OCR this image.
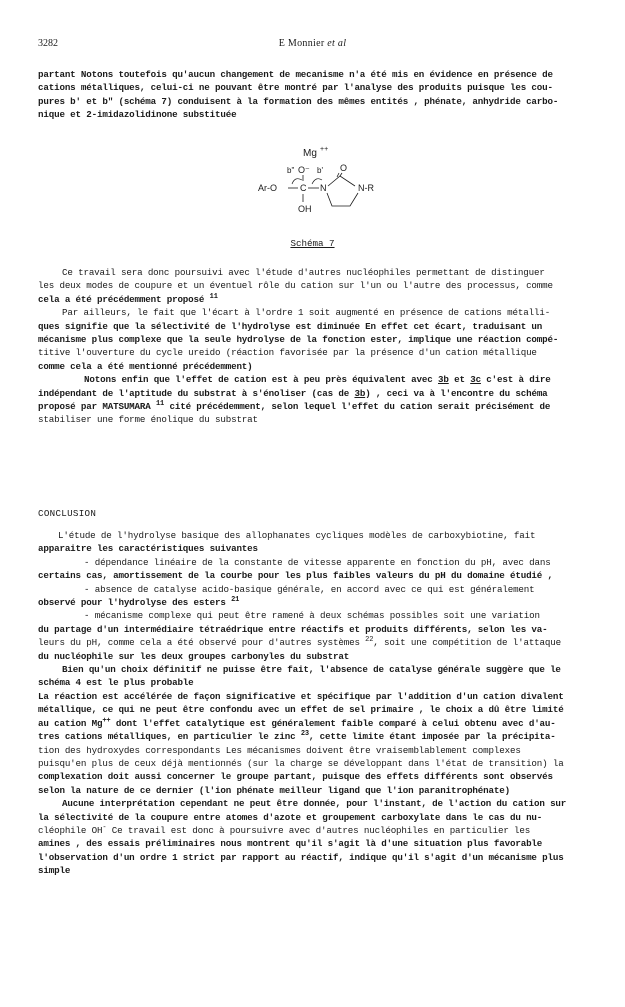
3282	E Monnier et al

partant Notons toutefois qu'aucun changement de mecanisme n'a été mis en évidence en présence de

cations métalliques, celui-ci ne pouvant être montré par l'analyse des produits puisque les cou-

pures b' et b" (schéma 7) conduisent à la formation des mêmes entités , phénate, anhydride carbo-

nique et 2-imidazolidinone substituée

Mg ++
b" O⁻ b' O
Ar-O	C N	N-R
OH
Schéma 7

Ce travail sera donc poursuivi avec l'étude d'autres nucléophiles permettant de distinguer

les deux modes de coupure et un éventuel rôle du cation sur l'un ou l'autre des processus, comme

cela a été précédemment proposé $^{11}$

Par ailleurs, le fait que l'écart à l'ordre 1 soit augmenté en présence de cations métalli-

ques signifie que la sélectivité de l'hydrolyse est diminuée En effet cet écart, traduisant un

mécanisme plus complexe que la seule hydrolyse de la fonction ester, implique une réaction compé-

titive l'ouverture du cycle ureido (réaction favorisée par la présence d'un cation métallique

comme cela a été mentionné précédemment)

Notons enfin que l'effet de cation est à peu près équivalent avec 3b et 3c c'est à dire

indépendant de l'aptitude du substrat à s'énoliser (cas de 3b) , ceci va à l'encontre du schéma

proposé par MATSUMARA $^{11}$ cité précédemment, selon lequel l'effet du cation serait précisément de

stabiliser une forme énolique du substrat

CONCLUSION

L'étude de l'hydrolyse basique des allophanates cycliques modèles de carboxybiotine, fait

apparaitre les caractéristiques suivantes

- dépendance linéaire de la constante de vitesse apparente en fonction du pH, avec dans

certains cas, amortissement de la courbe pour les plus faibles valeurs du pH du domaine étudié ,

- absence de catalyse acido-basique générale, en accord avec ce qui est généralement

observé pour l'hydrolyse des esters $^{21}$

- mécanisme complexe qui peut être ramené à deux schémas possibles soit une variation

du partage d'un intermédiaire tétraédrique entre réactifs et produits différents, selon les va-

leurs du pH, comme cela a été observé pour d'autres systèmes $^{22}$, soit une compétition de l'attaque

du nucléophile sur les deux groupes carbonyles du substrat

Bien qu'un choix définitif ne puisse être fait, l'absence de catalyse générale suggère que le

schéma 4 est le plus probable

La réaction est accélérée de façon significative et spécifique par l'addition d'un cation divalent

métallique, ce qui ne peut être confondu avec un effet de sel primaire , le choix a dû être limité

au cation Mg++ dont l'effet catalytique est généralement faible comparé à celui obtenu avec d'au-

tres cations métalliques, en particulier le zinc $^{23}$, cette limite étant imposée par la précipita-

tion des hydroxydes correspondants Les mécanismes doivent être vraisemblablement complexes

puisqu'en plus de ceux déjà mentionnés (sur la charge se développant dans l'état de transition) la

complexation doit aussi concerner le groupe partant, puisque des effets différents sont observés

selon la nature de ce dernier (l'ion phénate meilleur ligand que l'ion paranitrophénate)

Aucune interprétation cependant ne peut être donnée, pour l'instant, de l'action du cation sur

la sélectivité de la coupure entre atomes d'azote et groupement carboxylate dans le cas du nu-

cléophile OH- Ce travail est donc à poursuivre avec d'autres nucléophiles en particulier les

amines , des essais préliminaires nous montrent qu'il s'agit là d'une situation plus favorable

l'observation d'un ordre 1 strict par rapport au réactif, indique qu'il s'agit d'un mécanisme plus

simple
